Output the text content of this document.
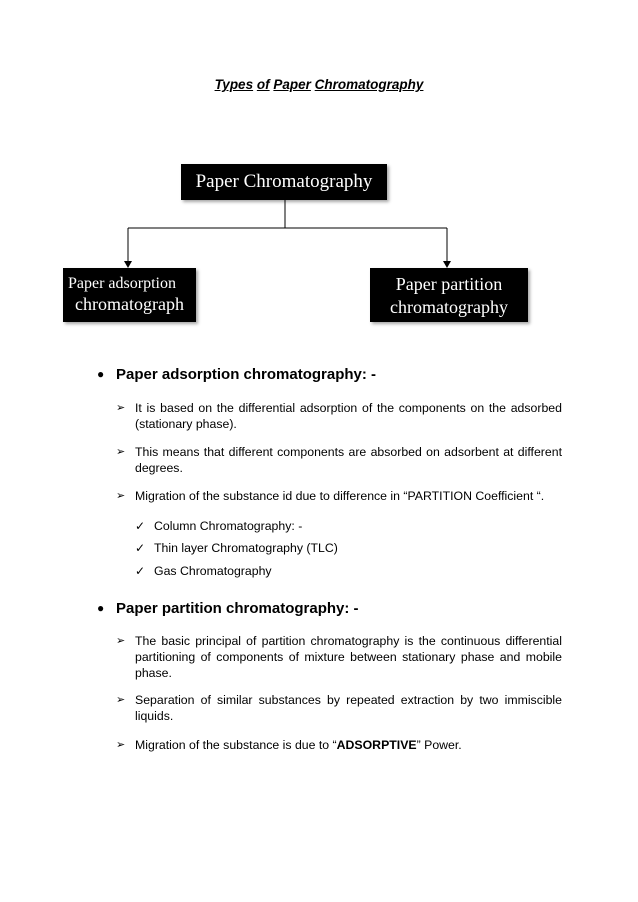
Types of Paper Chromatography
Paper Chromatography
Paper adsorption
chromatograph
Paper partition
chromatography
● Paper adsorption chromatography: -
➢ It is based on the differential adsorption of the components on the adsorbed (stationary phase).
➢ This means that different components are absorbed on adsorbent at different degrees.
➢ Migration of the substance id due to difference in “PARTITION Coefficient “.
✓ Column Chromatography: -
✓ Thin layer Chromatography (TLC)
✓ Gas Chromatography
● Paper partition chromatography: -
➢ The basic principal of partition chromatography is the continuous differential partitioning of components of mixture between stationary phase and mobile phase.
➢ Separation of similar substances by repeated extraction by two immiscible liquids.
➢ Migration of the substance is due to “ADSORPTIVE” Power.
